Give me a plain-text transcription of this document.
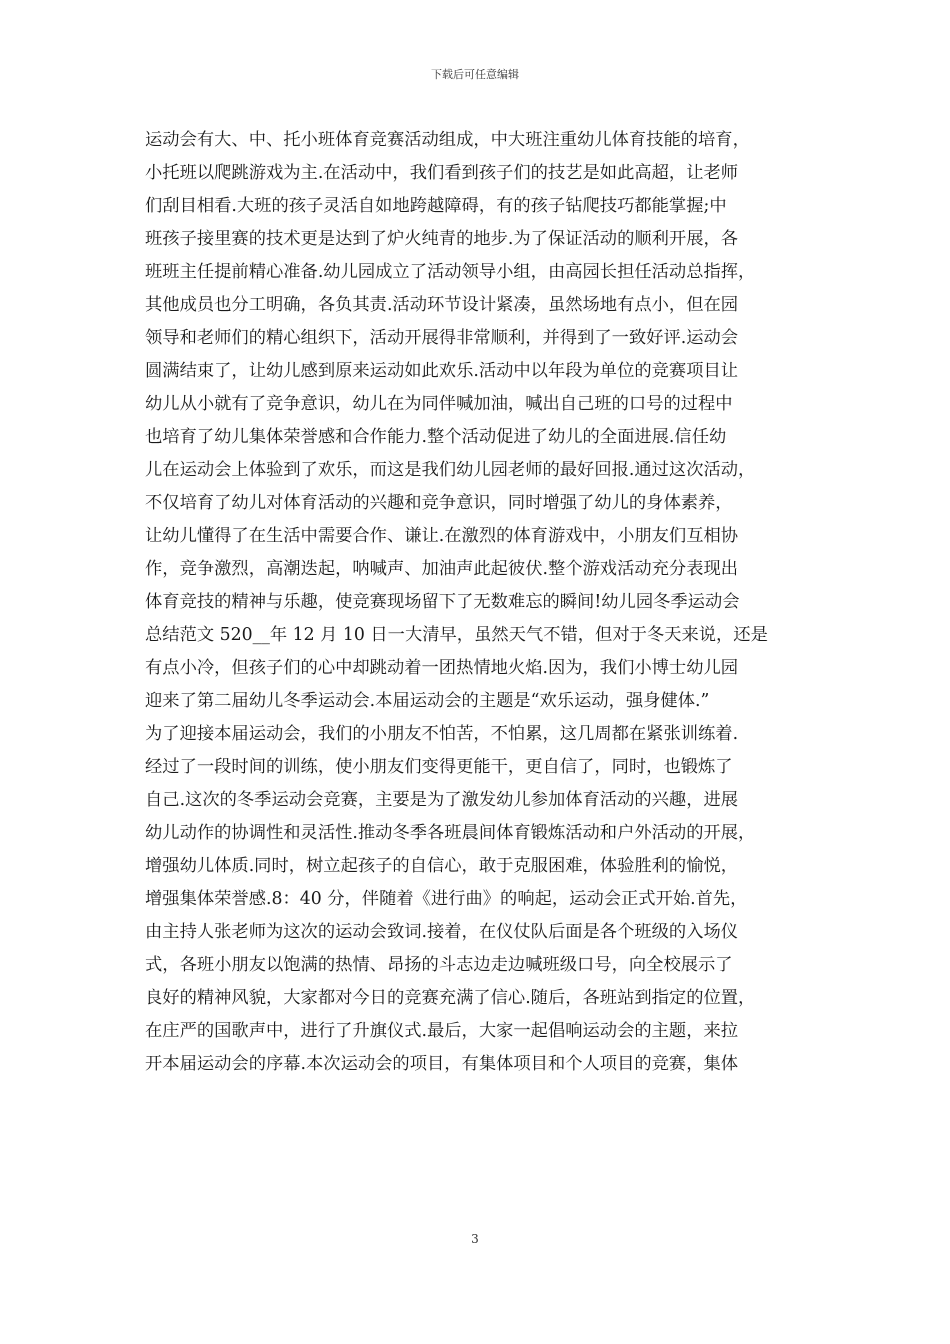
下载后可任意编辑
运动会有大、中、托小班体育竞赛活动组成，中大班注重幼儿体育技能的培育，
小托班以爬跳游戏为主.在活动中，我们看到孩子们的技艺是如此高超，让老师
们刮目相看.大班的孩子灵活自如地跨越障碍，有的孩子钻爬技巧都能掌握;中
班孩子接里赛的技术更是达到了炉火纯青的地步.为了保证活动的顺利开展，各
班班主任提前精心准备.幼儿园成立了活动领导小组，由高园长担任活动总指挥，
其他成员也分工明确，各负其责.活动环节设计紧凑，虽然场地有点小，但在园
领导和老师们的精心组织下，活动开展得非常顺利，并得到了一致好评.运动会
圆满结束了，让幼儿感到原来运动如此欢乐.活动中以年段为单位的竞赛项目让
幼儿从小就有了竞争意识，幼儿在为同伴喊加油，喊出自己班的口号的过程中
也培育了幼儿集体荣誉感和合作能力.整个活动促进了幼儿的全面进展.信任幼
儿在运动会上体验到了欢乐，而这是我们幼儿园老师的最好回报.通过这次活动，
不仅培育了幼儿对体育活动的兴趣和竞争意识，同时增强了幼儿的身体素养，
让幼儿懂得了在生活中需要合作、谦让.在激烈的体育游戏中，小朋友们互相协
作，竞争激烈，高潮迭起，呐喊声、加油声此起彼伏.整个游戏活动充分表现出
体育竞技的精神与乐趣，使竞赛现场留下了无数难忘的瞬间!幼儿园冬季运动会
总结范文 520__年 12 月 10 日一大清早，虽然天气不错，但对于冬天来说，还是
有点小冷，但孩子们的心中却跳动着一团热情地火焰.因为，我们小博士幼儿园
迎来了第二届幼儿冬季运动会.本届运动会的主题是“欢乐运动，强身健体.”
为了迎接本届运动会，我们的小朋友不怕苦，不怕累，这几周都在紧张训练着.
经过了一段时间的训练，使小朋友们变得更能干，更自信了，同时，也锻炼了
自己.这次的冬季运动会竞赛，主要是为了激发幼儿参加体育活动的兴趣，进展
幼儿动作的协调性和灵活性.推动冬季各班晨间体育锻炼活动和户外活动的开展，
增强幼儿体质.同时，树立起孩子的自信心，敢于克服困难，体验胜利的愉悦，
增强集体荣誉感.8：40 分，伴随着《进行曲》的响起，运动会正式开始.首先，
由主持人张老师为这次的运动会致词.接着，在仪仗队后面是各个班级的入场仪
式，各班小朋友以饱满的热情、昂扬的斗志边走边喊班级口号，向全校展示了
良好的精神风貌，大家都对今日的竞赛充满了信心.随后，各班站到指定的位置，
在庄严的国歌声中，进行了升旗仪式.最后，大家一起倡响运动会的主题，来拉
开本届运动会的序幕.本次运动会的项目，有集体项目和个人项目的竞赛，集体
3
